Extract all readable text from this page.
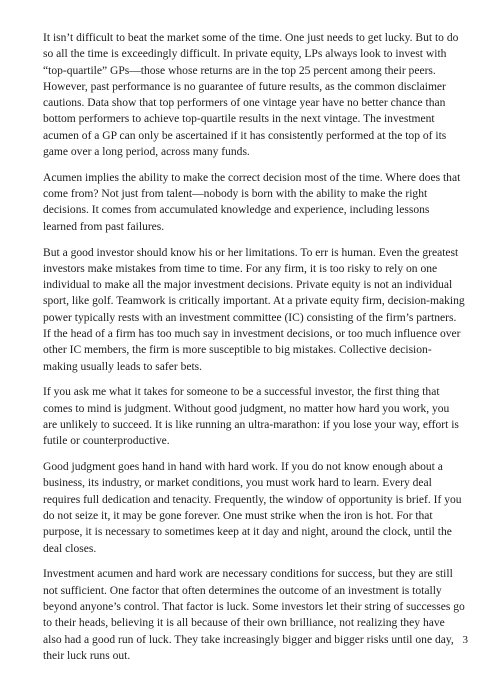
It isn’t difficult to beat the market some of the time. One just needs to get lucky. But to do so all the time is exceedingly difficult. In private equity, LPs always look to invest with “top-quartile” GPs—those whose returns are in the top 25 percent among their peers. However, past performance is no guarantee of future results, as the common disclaimer cautions. Data show that top performers of one vintage year have no better chance than bottom performers to achieve top-quartile results in the next vintage. The investment acumen of a GP can only be ascertained if it has consistently performed at the top of its game over a long period, across many funds.

Acumen implies the ability to make the correct decision most of the time. Where does that come from? Not just from talent—nobody is born with the ability to make the right decisions. It comes from accumulated knowledge and experience, including lessons learned from past failures.

But a good investor should know his or her limitations. To err is human. Even the greatest investors make mistakes from time to time. For any firm, it is too risky to rely on one individual to make all the major investment decisions. Private equity is not an individual sport, like golf. Teamwork is critically important. At a private equity firm, decision-making power typically rests with an investment committee (IC) consisting of the firm’s partners. If the head of a firm has too much say in investment decisions, or too much influence over other IC members, the firm is more susceptible to big mistakes. Collective decision-making usually leads to safer bets.

If you ask me what it takes for someone to be a successful investor, the first thing that comes to mind is judgment. Without good judgment, no matter how hard you work, you are unlikely to succeed. It is like running an ultra-marathon: if you lose your way, effort is futile or counterproductive.

Good judgment goes hand in hand with hard work. If you do not know enough about a business, its industry, or market conditions, you must work hard to learn. Every deal requires full dedication and tenacity. Frequently, the window of opportunity is brief. If you do not seize it, it may be gone forever. One must strike when the iron is hot. For that purpose, it is necessary to sometimes keep at it day and night, around the clock, until the deal closes.

Investment acumen and hard work are necessary conditions for success, but they are still not sufficient. One factor that often determines the outcome of an investment is totally beyond anyone’s control. That factor is luck. Some investors let their string of successes go to their heads, believing it is all because of their own brilliance, not realizing they have also had a good run of luck. They take increasingly bigger and bigger risks until one day, their luck runs out.

3
